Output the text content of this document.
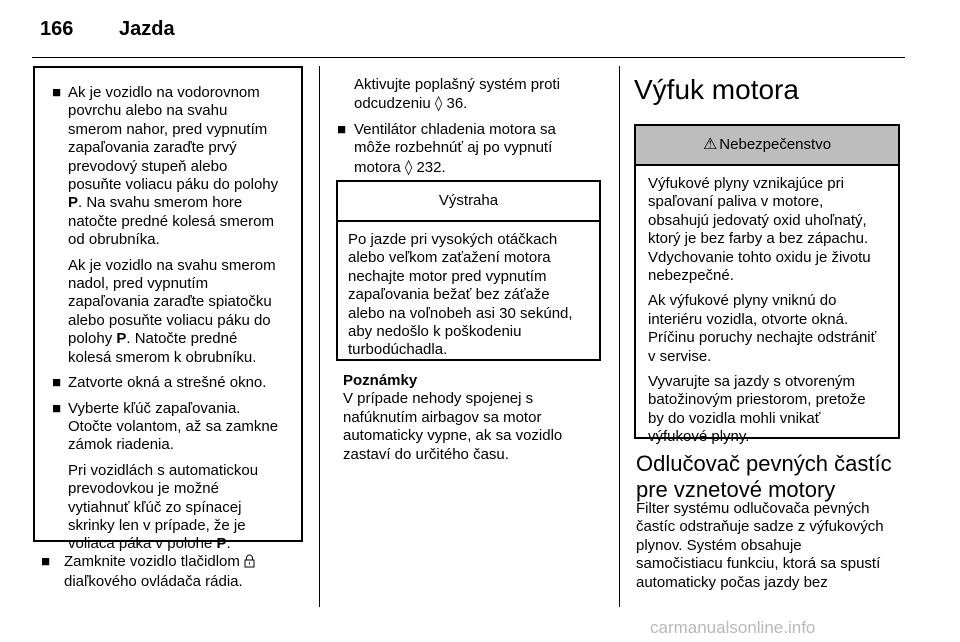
166 Jazda
■ Ak je vozidlo na vodorovnom
povrchu alebo na svahu
smerom nahor, pred vypnutím
zapaľovania zaraďte prvý
prevodový stupeň alebo
posuňte voliacu páku do polohy
P. Na svahu smerom hore
natočte predné kolesá smerom
od obrubníka.
Ak je vozidlo na svahu smerom
nadol, pred vypnutím
zapaľovania zaraďte spiatočku
alebo posuňte voliacu páku do
polohy P. Natočte predné
kolesá smerom k obrubníku.
■ Zatvorte okná a strešné okno.
■ Vyberte kľúč zapaľovania.
Otočte volantom, až sa zamkne
zámok riadenia.
Pri vozidlách s automatickou
prevodovkou je možné
vytiahnuť kľúč zo spínacej
skrinky len v prípade, že je
voliaca páka v polohe P.
■ Zamknite vozidlo tlačidlom
diaľkového ovládača rádia.
Aktivujte poplašný systém proti
odcudzeniu ◊ 36.
■ Ventilátor chladenia motora sa
môže rozbehnúť aj po vypnutí
motora ◊ 232.
Výstraha
Po jazde pri vysokých otáčkach
alebo veľkom zaťažení motora
nechajte motor pred vypnutím
zapaľovania bežať bez záťaže
alebo na voľnobeh asi 30 sekúnd,
aby nedošlo k poškodeniu
turbodúchadla.
Poznámky
V prípade nehody spojenej s
nafúknutím airbagov sa motor
automaticky vypne, ak sa vozidlo
zastaví do určitého času.
Výfuk motora
⚠ Nebezpečenstvo
Výfukové plyny vznikajúce pri
spaľovaní paliva v motore,
obsahujú jedovatý oxid uhoľnatý,
ktorý je bez farby a bez zápachu.
Vdychovanie tohto oxidu je životu
nebezpečné.
Ak výfukové plyny vniknú do
interiéru vozidla, otvorte okná.
Príčinu poruchy nechajte odstrániť
v servise.
Vyvarujte sa jazdy s otvoreným
batožinovým priestorom, pretože
by do vozidla mohli vnikať
výfukové plyny.
Odlučovač pevných častíc
pre vznetové motory
Filter systému odlučovača pevných
častíc odstraňuje sadze z výfukových
plynov. Systém obsahuje
samočistiacu funkciu, ktorá sa spustí
automaticky počas jazdy bez
carmanualsonline.info
